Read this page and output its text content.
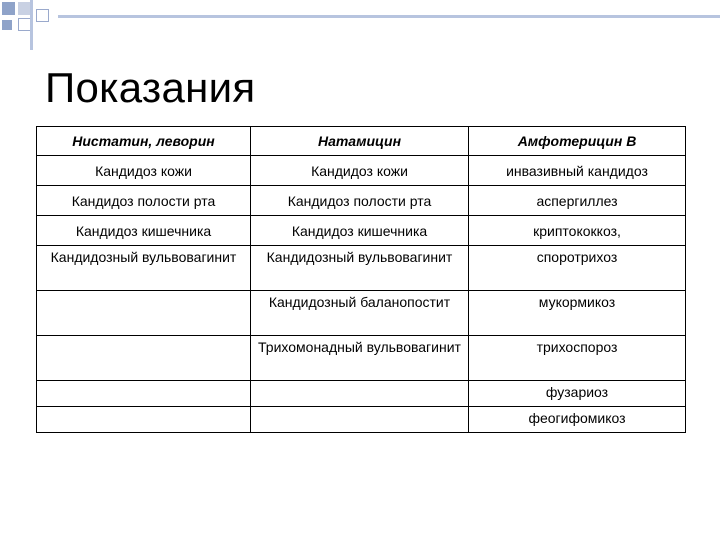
Показания
Нистатин, леворин	Натамицин	Амфотерицин B
Кандидоз кожи	Кандидоз кожи	инвазивный кандидоз
Кандидоз полости рта	Кандидоз полости рта	аспергиллез
Кандидоз кишечника	Кандидоз кишечника	криптококкоз,
Кандидозный вульвовагинит	Кандидозный вульвовагинит	споротрихоз
	Кандидозный баланопостит	мукормикоз
	Трихомонадный вульвовагинит	трихоспороз
		фузариоз
		феогифомикоз
